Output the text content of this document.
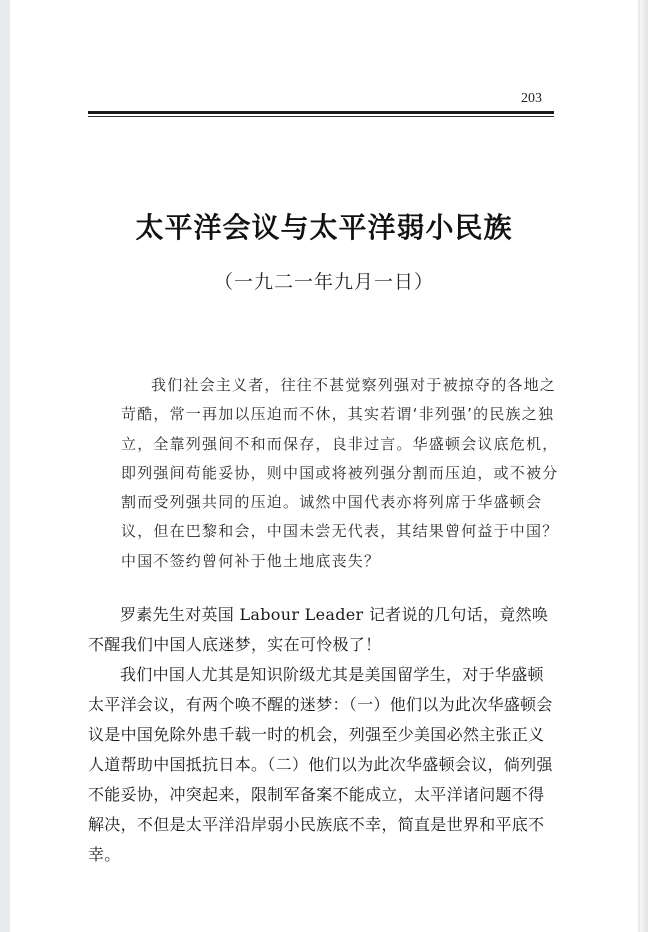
203
太平洋会议与太平洋弱小民族
（一九二一年九月一日）
我们社会主义者，往往不甚觉察列强对于被掠夺的各地之苛酷，常一再加以压迫而不休，其实若谓‘非列强’的民族之独立，全靠列强间不和而保存，良非过言。华盛顿会议底危机，即列强间苟能妥协，则中国或将被列强分割而压迫，或不被分割而受列强共同的压迫。诚然中国代表亦将列席于华盛顿会议，但在巴黎和会，中国未尝无代表，其结果曾何益于中国？中国不签约曾何补于他土地底丧失？

罗素先生对英国 Labour Leader 记者说的几句话，竟然唤不醒我们中国人底迷梦，实在可怜极了！

我们中国人尤其是知识阶级尤其是美国留学生，对于华盛顿太平洋会议，有两个唤不醒的迷梦：（一）他们以为此次华盛顿会议是中国免除外患千载一时的机会，列强至少美国必然主张正义人道帮助中国抵抗日本。（二）他们以为此次华盛顿会议，倘列强不能妥协，冲突起来，限制军备案不能成立，太平洋诸问题不得解决，不但是太平洋沿岸弱小民族底不幸，简直是世界和平底不幸。
